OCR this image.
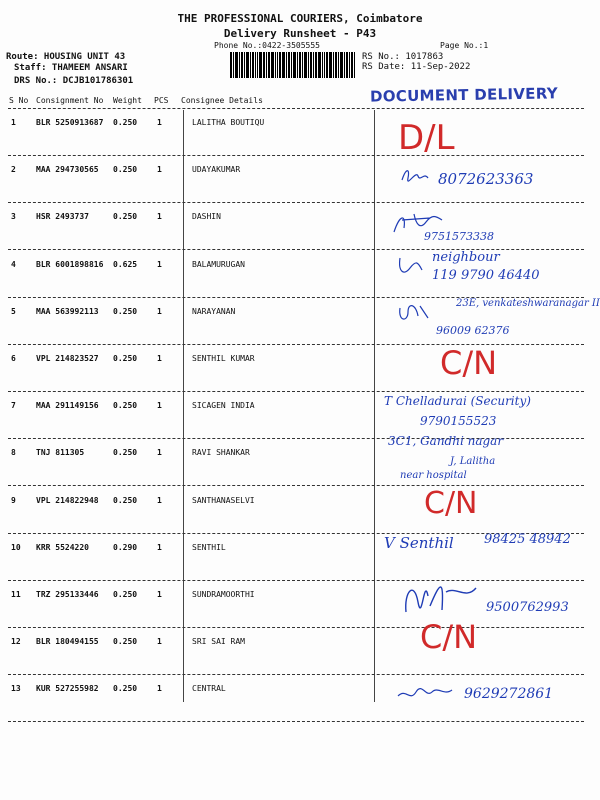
THE PROFESSIONAL COURIERS, Coimbatore
Delivery Runsheet - P43
Phone No.:0422-3505555	Page No.:1
Route: HOUSING UNIT 43
Staff: THAMEEM ANSARI
DRS No.: DCJB101786301
RS No.: 1017863
RS Date: 11-Sep-2022
DOCUMENT DELIVERY
S No Consignment No Weight PCS Consignee Details
1	BLR 5250913687 0.250 1	LALITHA BOUTIQU
2	MAA 294730565 0.250 1	UDAYAKUMAR
3	HSR 2493737	0.250 1	DASHIN
4	BLR 6001898816 0.625 1	BALAMURUGAN
5	MAA 563992113 0.250 1	NARAYANAN
6	VPL 214823527 0.250 1	SENTHIL KUMAR
7	MAA 291149156 0.250 1	SICAGEN INDIA
8	TNJ 811305	0.250 1	RAVI SHANKAR
9	VPL 214822948 0.250 1	SANTHANASELVI
10 KRR 5524220	0.290 1	SENTHIL
11 TRZ 295133446 0.250 1	SUNDRAMOORTHI
12 BLR 180494155 0.250 1	SRI SAI RAM
13 KUR 527255982 0.250 1	CENTRAL
D/L
8072623363
9751573338
neighbour
119 9790 46440
23E, venkateshwaranagar II
96009 62376
C/N
T Chelladurai (Security)
9790155523
3C1, Gandhi nagar
J, Lalitha
near hospital
C/N
V Senthil 98425 48942
9500762993
C/N
9629272861
